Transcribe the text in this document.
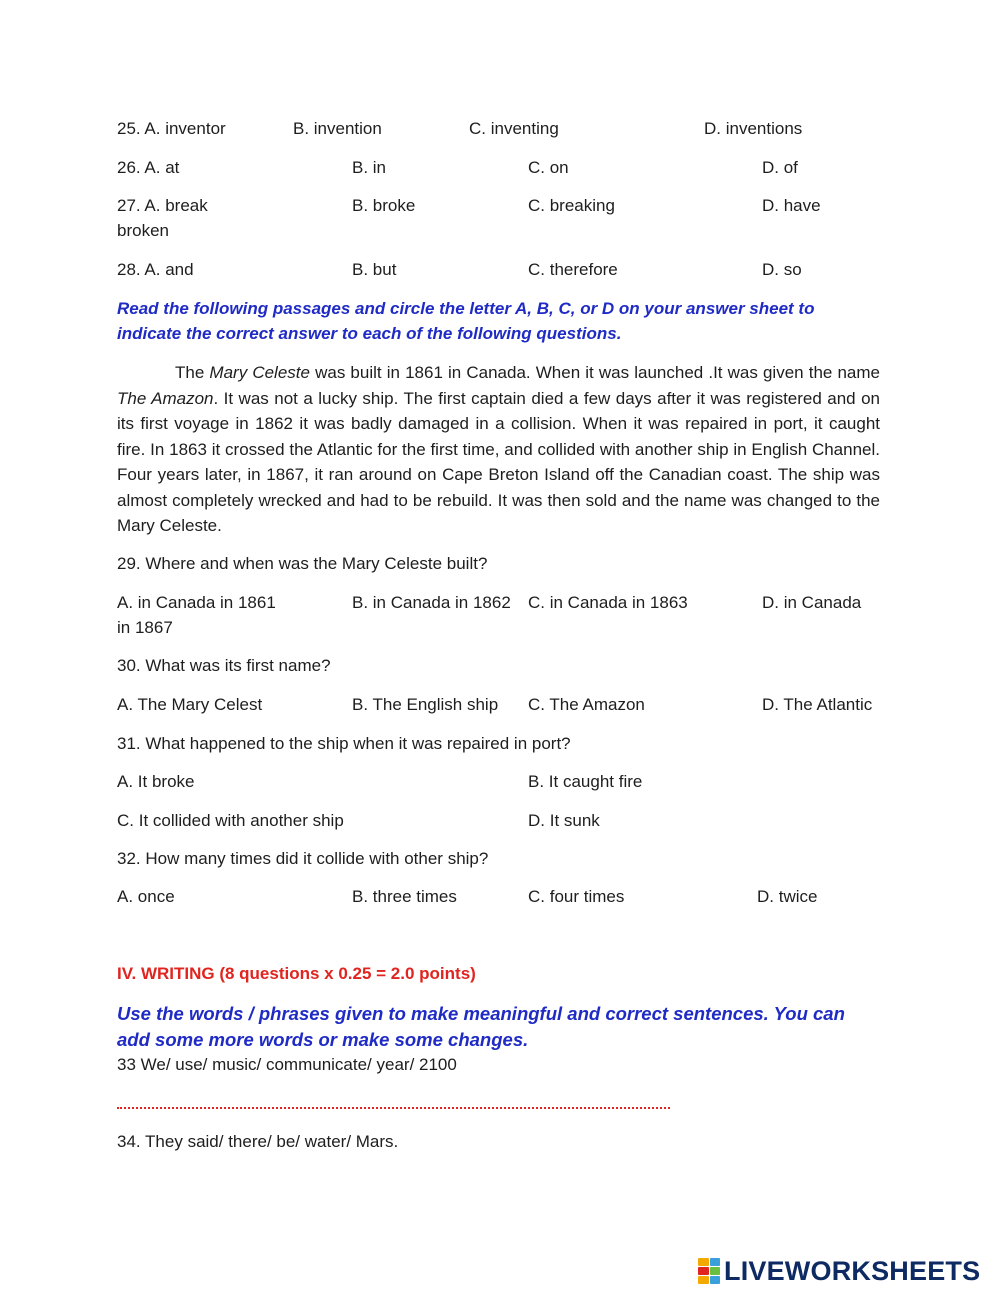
25. A. inventor	B. invention	C. inventing	D. inventions
26. A. at	B. in	C. on	D. of
27. A. break	B. broke	C. breaking	D. have
broken
28. A. and	B. but	C. therefore	D. so
Read the following passages and circle the letter A, B, C, or D on your answer sheet to indicate the correct answer to each of the following questions.

The Mary Celeste was built in 1861 in Canada. When it was launched .It was given the name The Amazon. It was not a lucky ship. The first captain died a few days after it was registered and on its first voyage in 1862 it was badly damaged in a collision. When it was repaired in port, it caught fire. In 1863 it crossed the Atlantic for the first time, and collided with another ship in English Channel. Four years later, in 1867, it ran around on Cape Breton Island off the Canadian coast. The ship was almost completely wrecked and had to be rebuild. It was then sold and the name was changed to the Mary Celeste.

29. Where and when was the Mary Celeste built?
A. in Canada in 1861	B. in Canada in 1862 C. in Canada in 1863	D. in Canada
in 1867
30. What was its first name?
A. The Mary Celest	B. The English ship C. The Amazon	D. The Atlantic
31. What happened to the ship when it was repaired in port?
A. It broke	B. It caught fire
C. It collided with another ship	D. It sunk
32. How many times did it collide with other ship?
A. once	B. three times	C. four times	D. twice
IV. WRITING (8 questions x 0.25 = 2.0 points)
Use the words / phrases given to make meaningful and correct sentences. You can add some more words or make some changes.
33 We/ use/ music/ communicate/ year/ 2100
34. They said/ there/ be/ water/ Mars.
LIVEWORKSHEETS
